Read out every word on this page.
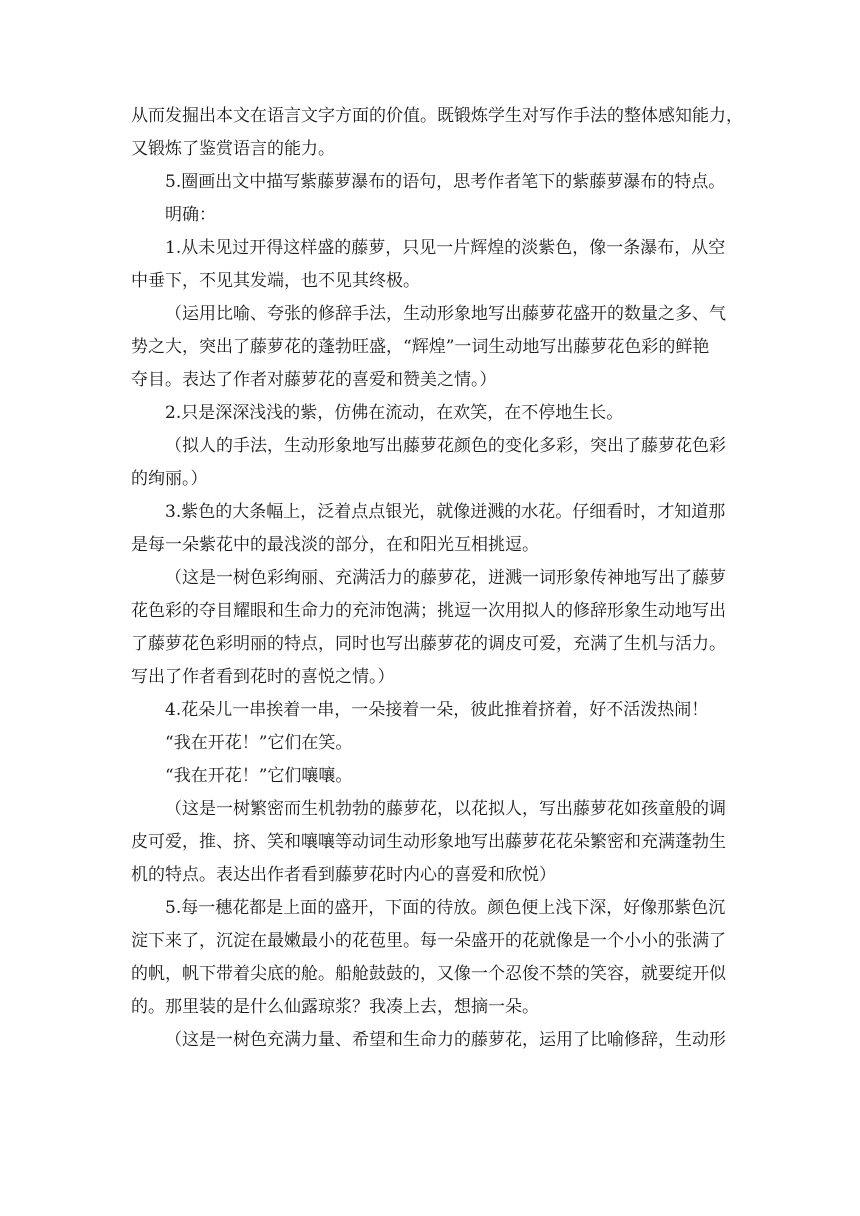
从而发掘出本文在语言文字方面的价值。既锻炼学生对写作手法的整体感知能力，
又锻炼了鉴赏语言的能力。
5.圈画出文中描写紫藤萝瀑布的语句，思考作者笔下的紫藤萝瀑布的特点。
明确：
1.从未见过开得这样盛的藤萝，只见一片辉煌的淡紫色，像一条瀑布，从空
中垂下，不见其发端，也不见其终极。
（运用比喻、夸张的修辞手法，生动形象地写出藤萝花盛开的数量之多、气
势之大，突出了藤萝花的蓬勃旺盛，“辉煌”一词生动地写出藤萝花色彩的鲜艳
夺目。表达了作者对藤萝花的喜爱和赞美之情。）
2.只是深深浅浅的紫，仿佛在流动，在欢笑，在不停地生长。
（拟人的手法，生动形象地写出藤萝花颜色的变化多彩，突出了藤萝花色彩
的绚丽。）
3.紫色的大条幅上，泛着点点银光，就像迸溅的水花。仔细看时，才知道那
是每一朵紫花中的最浅淡的部分，在和阳光互相挑逗。
（这是一树色彩绚丽、充满活力的藤萝花，迸溅一词形象传神地写出了藤萝
花色彩的夺目耀眼和生命力的充沛饱满；挑逗一次用拟人的修辞形象生动地写出
了藤萝花色彩明丽的特点，同时也写出藤萝花的调皮可爱，充满了生机与活力。
写出了作者看到花时的喜悦之情。）
4.花朵儿一串挨着一串，一朵接着一朵，彼此推着挤着，好不活泼热闹！
“我在开花！”它们在笑。
“我在开花！”它们嚷嚷。
（这是一树繁密而生机勃勃的藤萝花，以花拟人，写出藤萝花如孩童般的调
皮可爱，推、挤、笑和嚷嚷等动词生动形象地写出藤萝花花朵繁密和充满蓬勃生
机的特点。表达出作者看到藤萝花时内心的喜爱和欣悦）
5.每一穗花都是上面的盛开，下面的待放。颜色便上浅下深，好像那紫色沉
淀下来了，沉淀在最嫩最小的花苞里。每一朵盛开的花就像是一个小小的张满了
的帆，帆下带着尖底的舱。船舱鼓鼓的，又像一个忍俊不禁的笑容，就要绽开似
的。那里装的是什么仙露琼浆？我凑上去，想摘一朵。
（这是一树色充满力量、希望和生命力的藤萝花，运用了比喻修辞，生动形
